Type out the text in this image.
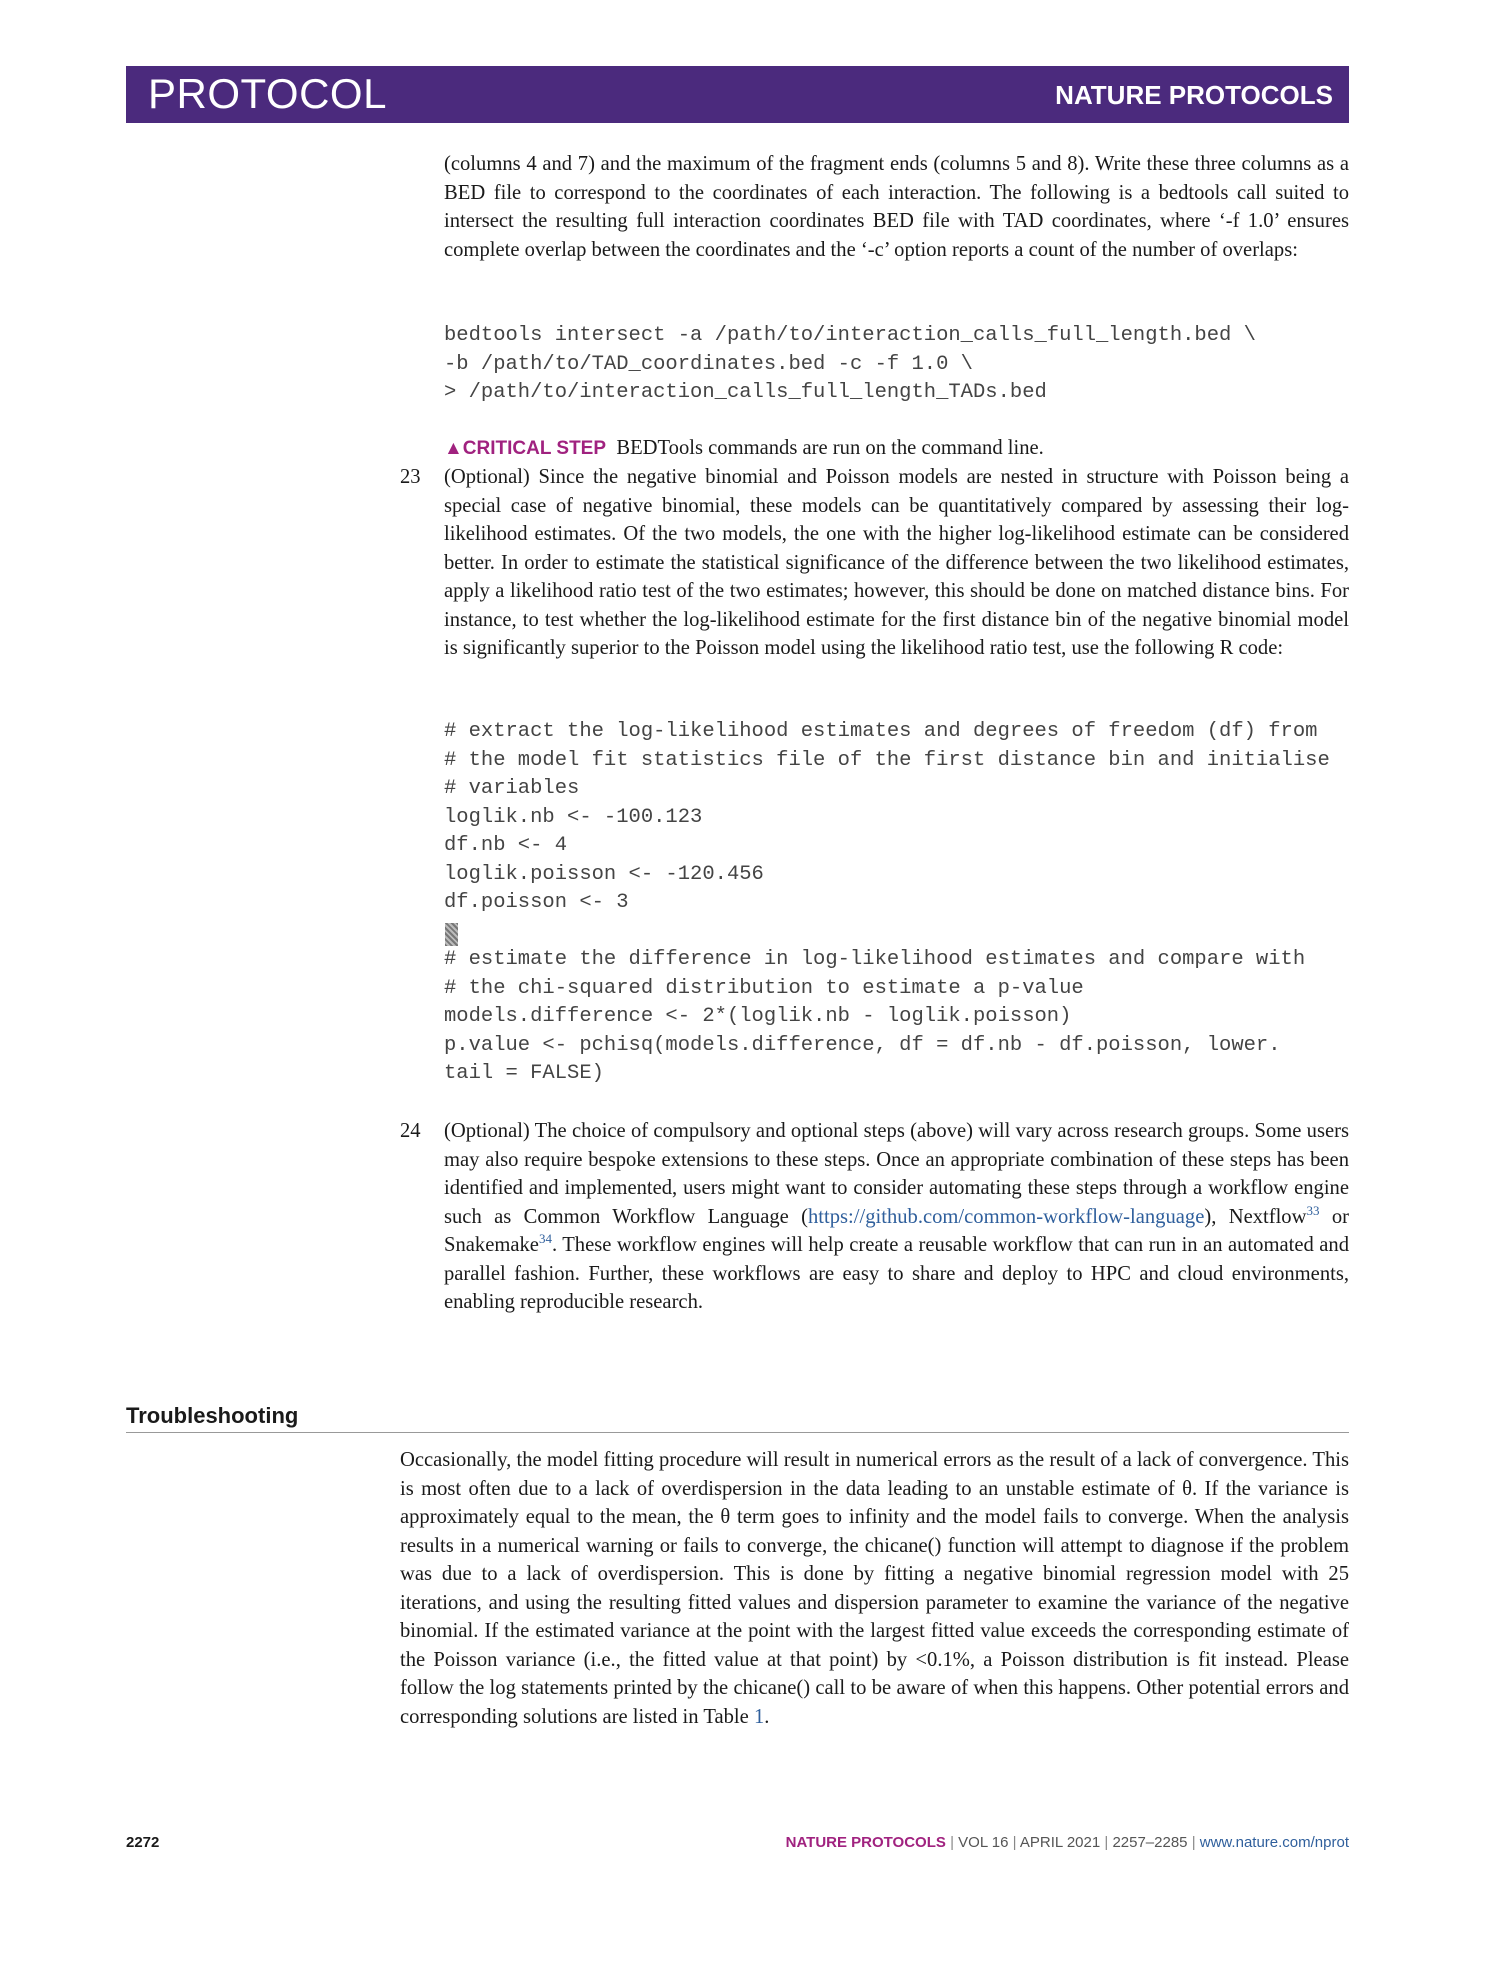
PROTOCOL	NATURE PROTOCOLS
(columns 4 and 7) and the maximum of the fragment ends (columns 5 and 8). Write these three columns as a BED file to correspond to the coordinates of each interaction. The following is a bedtools call suited to intersect the resulting full interaction coordinates BED file with TAD coordinates, where ‘-f 1.0’ ensures complete overlap between the coordinates and the ‘-c’ option reports a count of the number of overlaps:
bedtools intersect -a /path/to/interaction_calls_full_length.bed \
-b /path/to/TAD_coordinates.bed -c -f 1.0 \
> /path/to/interaction_calls_full_length_TADs.bed
▲CRITICAL STEP BEDTools commands are run on the command line.
23 (Optional) Since the negative binomial and Poisson models are nested in structure with Poisson being a special case of negative binomial, these models can be quantitatively compared by assessing their log-likelihood estimates. Of the two models, the one with the higher log-likelihood estimate can be considered better. In order to estimate the statistical significance of the difference between the two likelihood estimates, apply a likelihood ratio test of the two estimates; however, this should be done on matched distance bins. For instance, to test whether the log-likelihood estimate for the first distance bin of the negative binomial model is significantly superior to the Poisson model using the likelihood ratio test, use the following R code:
# extract the log-likelihood estimates and degrees of freedom (df) from
# the model fit statistics file of the first distance bin and initialise
# variables
loglik.nb <- -100.123
df.nb <- 4
loglik.poisson <- -120.456
df.poisson <- 3
# estimate the difference in log-likelihood estimates and compare with
# the chi-squared distribution to estimate a p-value
models.difference <- 2*(loglik.nb - loglik.poisson)
p.value <- pchisq(models.difference, df = df.nb - df.poisson, lower.
tail = FALSE)
24 (Optional) The choice of compulsory and optional steps (above) will vary across research groups. Some users may also require bespoke extensions to these steps. Once an appropriate combination of these steps has been identified and implemented, users might want to consider automating these steps through a workflow engine such as Common Workflow Language (https://github.com/common-workflow-language), Nextflow$^{33}$ or Snakemake$^{34}$. These workflow engines will help create a reusable workflow that can run in an automated and parallel fashion. Further, these workflows are easy to share and deploy to HPC and cloud environments, enabling reproducible research.
Troubleshooting
Occasionally, the model fitting procedure will result in numerical errors as the result of a lack of convergence. This is most often due to a lack of overdispersion in the data leading to an unstable estimate of θ. If the variance is approximately equal to the mean, the θ term goes to infinity and the model fails to converge. When the analysis results in a numerical warning or fails to converge, the chicane() function will attempt to diagnose if the problem was due to a lack of overdispersion. This is done by fitting a negative binomial regression model with 25 iterations, and using the resulting fitted values and dispersion parameter to examine the variance of the negative binomial. If the estimated variance at the point with the largest fitted value exceeds the corresponding estimate of the Poisson variance (i.e., the fitted value at that point) by <0.1%, a Poisson distribution is fit instead. Please follow the log statements printed by the chicane() call to be aware of when this happens. Other potential errors and corresponding solutions are listed in Table 1.
2272	NATURE PROTOCOLS | VOL 16 | APRIL 2021 | 2257–2285 | www.nature.com/nprot
